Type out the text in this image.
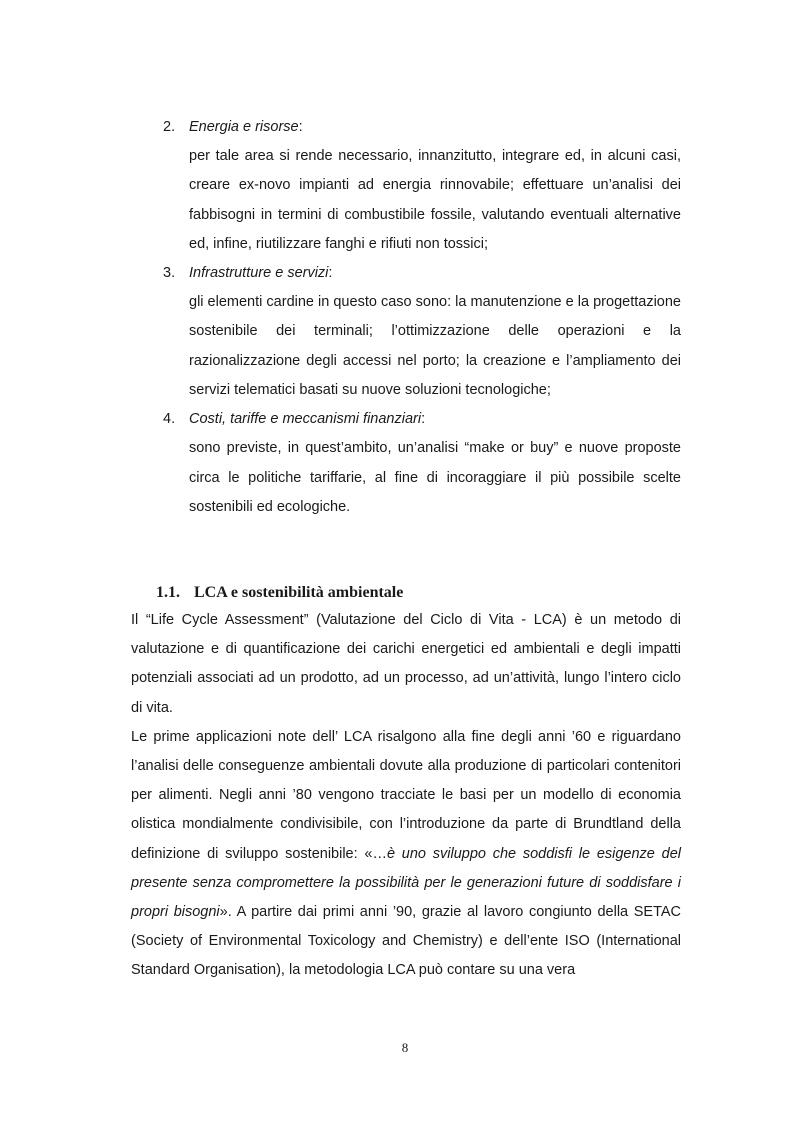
2. Energia e risorse:
per tale area si rende necessario, innanzitutto, integrare ed, in alcuni casi, creare ex-novo impianti ad energia rinnovabile; effettuare un’analisi dei fabbisogni in termini di combustibile fossile, valutando eventuali alternative ed, infine, riutilizzare fanghi e rifiuti non tossici;
3. Infrastrutture e servizi:
gli elementi cardine in questo caso sono: la manutenzione e la progettazione sostenibile dei terminali; l’ottimizzazione delle operazioni e la razionalizzazione degli accessi nel porto; la creazione e l’ampliamento dei servizi telematici basati su nuove soluzioni tecnologiche;
4. Costi, tariffe e meccanismi finanziari:
sono previste, in quest’ambito, un’analisi “make or buy” e nuove proposte circa le politiche tariffarie, al fine di incoraggiare il più possibile scelte sostenibili ed ecologiche.
1.1. LCA e sostenibilità ambientale

Il “Life Cycle Assessment” (Valutazione del Ciclo di Vita - LCA) è un metodo di valutazione e di quantificazione dei carichi energetici ed ambientali e degli impatti potenziali associati ad un prodotto, ad un processo, ad un’attività, lungo l’intero ciclo di vita.

Le prime applicazioni note dell’ LCA risalgono alla fine degli anni ’60 e riguardano l’analisi delle conseguenze ambientali dovute alla produzione di particolari contenitori per alimenti. Negli anni ’80 vengono tracciate le basi per un modello di economia olistica mondialmente condivisibile, con l’introduzione da parte di Brundtland della definizione di sviluppo sostenibile: «…è uno sviluppo che soddisfi le esigenze del presente senza compromettere la possibilità per le generazioni future di soddisfare i propri bisogni». A partire dai primi anni ’90, grazie al lavoro congiunto della SETAC (Society of Environmental Toxicology and Chemistry) e dell’ente ISO (International Standard Organisation), la metodologia LCA può contare su una vera

8
